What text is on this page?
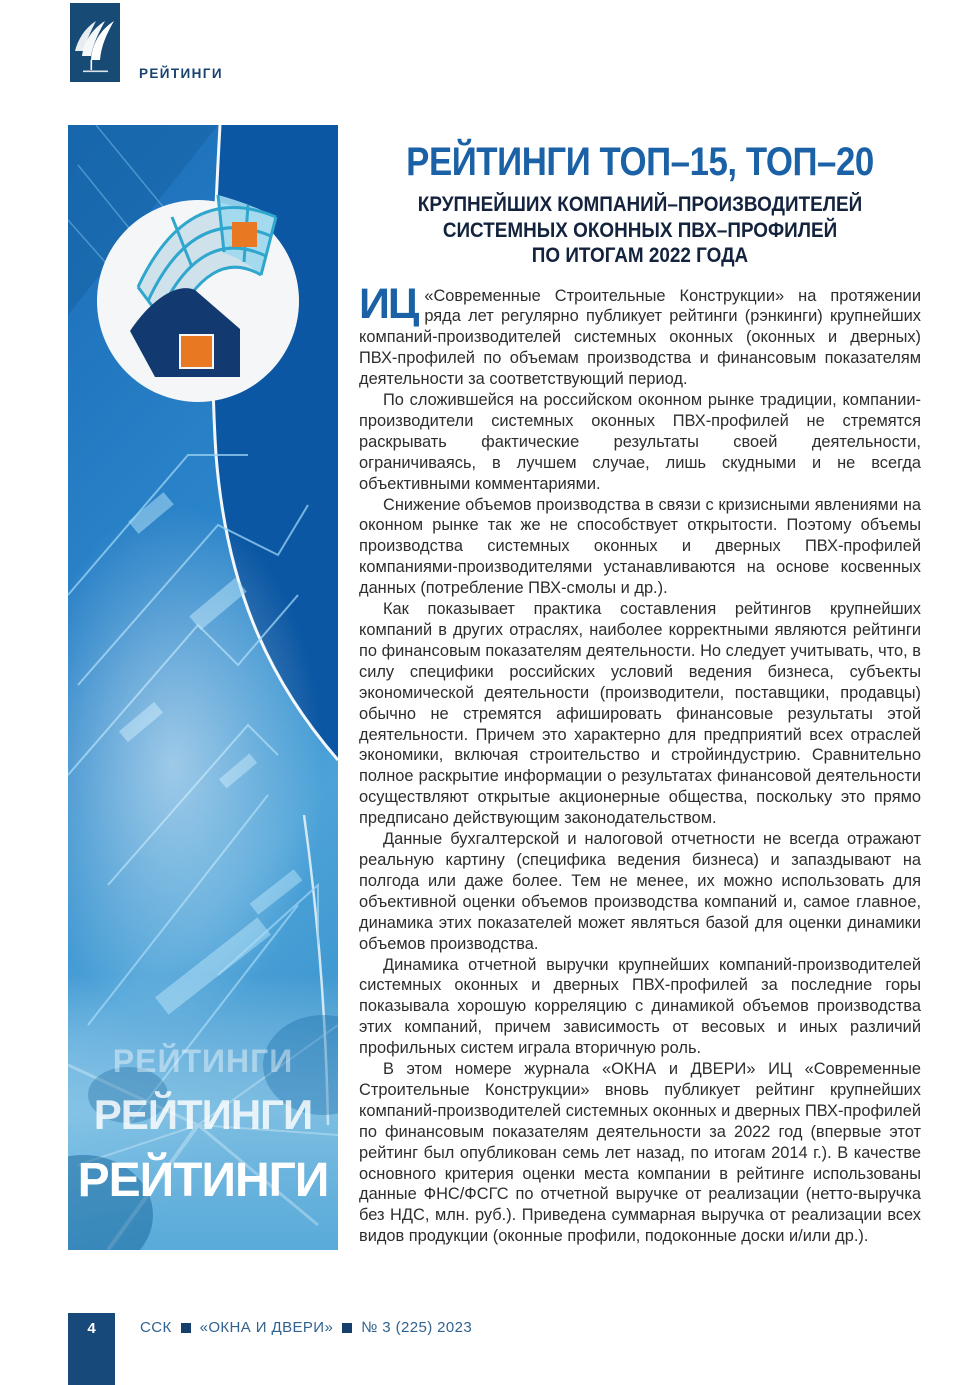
РЕЙТИНГИ
РЕЙТИНГИ
РЕЙТИНГИ
РЕЙТИНГИ
РЕЙТИНГИ ТОП–15, ТОП–20
КРУПНЕЙШИХ КОМПАНИЙ–ПРОИЗВОДИТЕЛЕЙ
СИСТЕМНЫХ ОКОННЫХ ПВХ–ПРОФИЛЕЙ
ПО ИТОГАМ 2022 ГОДА

ИЦ «Современные Строительные Конструкции» на протяжении ряда лет регулярно публикует рейтинги (рэнкинги) крупнейших компаний-производителей системных оконных (оконных и дверных) ПВХ-профилей по объемам производства и финансовым показателям деятельности за соответствующий период.

По сложившейся на российском оконном рынке традиции, компании-производители системных оконных ПВХ-профилей не стремятся раскрывать фактические результаты своей деятельности, ограничиваясь, в лучшем случае, лишь скудными и не всегда объективными комментариями.

Снижение объемов производства в связи с кризисными явлениями на оконном рынке так же не способствует открытости. Поэтому объемы производства системных оконных и дверных ПВХ-профилей компаниями-производителями устанавливаются на основе косвенных данных (потребление ПВХ-смолы и др.).

Как показывает практика составления рейтингов крупнейших компаний в других отраслях, наиболее корректными являются рейтинги по финансовым показателям деятельности. Но следует учитывать, что, в силу специфики российских условий ведения бизнеса, субъекты экономической деятельности (производители, поставщики, продавцы) обычно не стремятся афишировать финансовые результаты этой деятельности. Причем это характерно для предприятий всех отраслей экономики, включая строительство и стройиндустрию. Сравнительно полное раскрытие информации о результатах финансовой деятельности осуществляют открытые акционерные общества, поскольку это прямо предписано действующим законодательством.

Данные бухгалтерской и налоговой отчетности не всегда отражают реальную картину (специфика ведения бизнеса) и запаздывают на полгода или даже более. Тем не менее, их можно использовать для объективной оценки объемов производства компаний и, самое главное, динамика этих показателей может являться базой для оценки динамики объемов производства.

Динамика отчетной выручки крупнейших компаний-производителей системных оконных и дверных ПВХ-профилей за последние горы показывала хорошую корреляцию с динамикой объемов производства этих компаний, причем зависимость от весовых и иных различий профильных систем играла вторичную роль.

В этом номере журнала «ОКНА и ДВЕРИ» ИЦ «Современные Строительные Конструкции» вновь публикует рейтинг крупнейших компаний-производителей системных оконных и дверных ПВХ-профилей по финансовым показателям деятельности за 2022 год (впервые этот рейтинг был опубликован семь лет назад, по итогам 2014 г.). В качестве основного критерия оценки места компании в рейтинге использованы данные ФНС/ФСГС по отчетной выручке от реализации (нетто-выручка без НДС, млн. руб.). Приведена суммарная выручка от реализации всех видов продукции (оконные профили, подоконные доски и/или др.).

4	ССК «ОКНА И ДВЕРИ» № 3 (225) 2023
